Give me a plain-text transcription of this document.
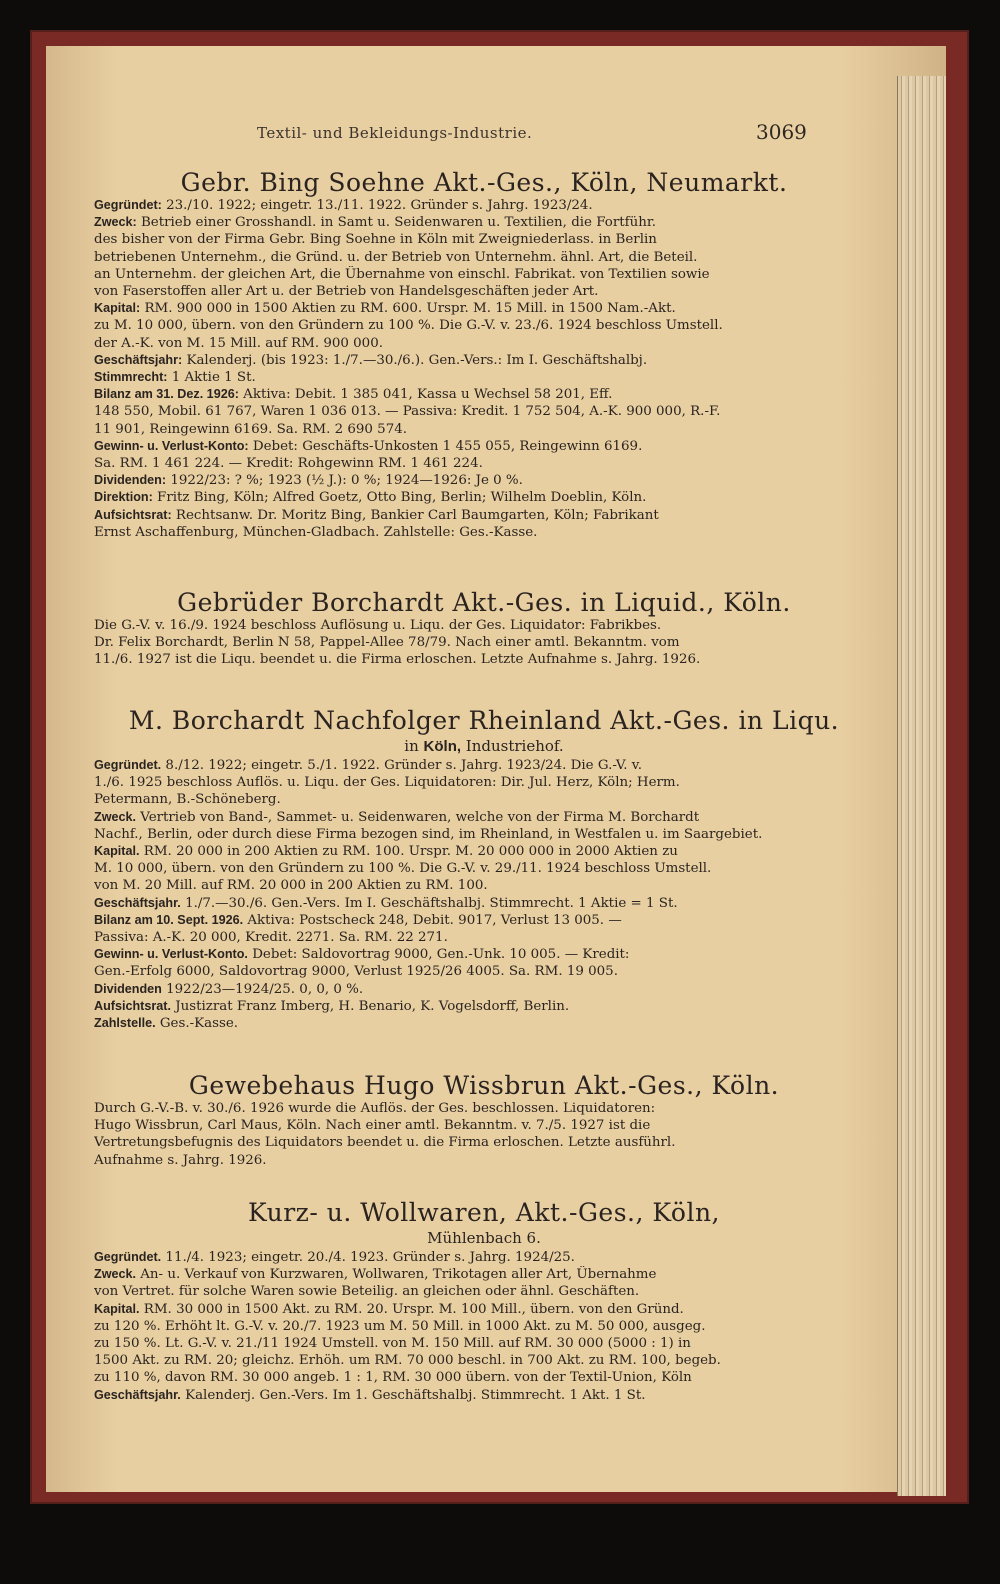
Textil- und Bekleidungs-Industrie.	3069
Gebr. Bing Soehne Akt.-Ges., Köln, Neumarkt.

Gegründet: 23./10. 1922; eingetr. 13./11. 1922. Gründer s. Jahrg. 1923/24.

Zweck: Betrieb einer Grosshandl. in Samt u. Seidenwaren u. Textilien, die Fortführ.

des bisher von der Firma Gebr. Bing Soehne in Köln mit Zweigniederlass. in Berlin

betriebenen Unternehm., die Gründ. u. der Betrieb von Unternehm. ähnl. Art, die Beteil.

an Unternehm. der gleichen Art, die Übernahme von einschl. Fabrikat. von Textilien sowie

von Faserstoffen aller Art u. der Betrieb von Handelsgeschäften jeder Art.

Kapital: RM. 900 000 in 1500 Aktien zu RM. 600. Urspr. M. 15 Mill. in 1500 Nam.-Akt.

zu M. 10 000, übern. von den Gründern zu 100 %. Die G.-V. v. 23./6. 1924 beschloss Umstell.

der A.-K. von M. 15 Mill. auf RM. 900 000.

Geschäftsjahr: Kalenderj. (bis 1923: 1./7.—30./6.). Gen.-Vers.: Im I. Geschäftshalbj.

Stimmrecht: 1 Aktie 1 St.

Bilanz am 31. Dez. 1926: Aktiva: Debit. 1 385 041, Kassa u Wechsel 58 201, Eff.

148 550, Mobil. 61 767, Waren 1 036 013. — Passiva: Kredit. 1 752 504, A.-K. 900 000, R.-F.

11 901, Reingewinn 6169. Sa. RM. 2 690 574.

Gewinn- u. Verlust-Konto: Debet: Geschäfts-Unkosten 1 455 055, Reingewinn 6169.

Sa. RM. 1 461 224. — Kredit: Rohgewinn RM. 1 461 224.

Dividenden: 1922/23: ? %; 1923 (½ J.): 0 %; 1924—1926: Je 0 %.

Direktion: Fritz Bing, Köln; Alfred Goetz, Otto Bing, Berlin; Wilhelm Doeblin, Köln.

Aufsichtsrat: Rechtsanw. Dr. Moritz Bing, Bankier Carl Baumgarten, Köln; Fabrikant

Ernst Aschaffenburg, München-Gladbach. Zahlstelle: Ges.-Kasse.

Gebrüder Borchardt Akt.-Ges. in Liquid., Köln.

Die G.-V. v. 16./9. 1924 beschloss Auflösung u. Liqu. der Ges. Liquidator: Fabrikbes.

Dr. Felix Borchardt, Berlin N 58, Pappel-Allee 78/79. Nach einer amtl. Bekanntm. vom

11./6. 1927 ist die Liqu. beendet u. die Firma erloschen. Letzte Aufnahme s. Jahrg. 1926.

M. Borchardt Nachfolger Rheinland Akt.-Ges. in Liqu.
in Köln, Industriehof.

Gegründet. 8./12. 1922; eingetr. 5./1. 1922. Gründer s. Jahrg. 1923/24. Die G.-V. v.

1./6. 1925 beschloss Auflös. u. Liqu. der Ges. Liquidatoren: Dir. Jul. Herz, Köln; Herm.

Petermann, B.-Schöneberg.

Zweck. Vertrieb von Band-, Sammet- u. Seidenwaren, welche von der Firma M. Borchardt

Nachf., Berlin, oder durch diese Firma bezogen sind, im Rheinland, in Westfalen u. im Saargebiet.

Kapital. RM. 20 000 in 200 Aktien zu RM. 100. Urspr. M. 20 000 000 in 2000 Aktien zu

M. 10 000, übern. von den Gründern zu 100 %. Die G.-V. v. 29./11. 1924 beschloss Umstell.

von M. 20 Mill. auf RM. 20 000 in 200 Aktien zu RM. 100.

Geschäftsjahr. 1./7.—30./6. Gen.-Vers. Im I. Geschäftshalbj. Stimmrecht. 1 Aktie = 1 St.

Bilanz am 10. Sept. 1926. Aktiva: Postscheck 248, Debit. 9017, Verlust 13 005. —

Passiva: A.-K. 20 000, Kredit. 2271. Sa. RM. 22 271.

Gewinn- u. Verlust-Konto. Debet: Saldovortrag 9000, Gen.-Unk. 10 005. — Kredit:

Gen.-Erfolg 6000, Saldovortrag 9000, Verlust 1925/26 4005. Sa. RM. 19 005.

Dividenden 1922/23—1924/25. 0, 0, 0 %.

Aufsichtsrat. Justizrat Franz Imberg, H. Benario, K. Vogelsdorff, Berlin.

Zahlstelle. Ges.-Kasse.

Gewebehaus Hugo Wissbrun Akt.-Ges., Köln.

Durch G.-V.-B. v. 30./6. 1926 wurde die Auflös. der Ges. beschlossen. Liquidatoren:

Hugo Wissbrun, Carl Maus, Köln. Nach einer amtl. Bekanntm. v. 7./5. 1927 ist die

Vertretungsbefugnis des Liquidators beendet u. die Firma erloschen. Letzte ausführl.

Aufnahme s. Jahrg. 1926.

Kurz- u. Wollwaren, Akt.-Ges., Köln,
Mühlenbach 6.

Gegründet. 11./4. 1923; eingetr. 20./4. 1923. Gründer s. Jahrg. 1924/25.

Zweck. An- u. Verkauf von Kurzwaren, Wollwaren, Trikotagen aller Art, Übernahme

von Vertret. für solche Waren sowie Beteilig. an gleichen oder ähnl. Geschäften.

Kapital. RM. 30 000 in 1500 Akt. zu RM. 20. Urspr. M. 100 Mill., übern. von den Gründ.

zu 120 %. Erhöht lt. G.-V. v. 20./7. 1923 um M. 50 Mill. in 1000 Akt. zu M. 50 000, ausgeg.

zu 150 %. Lt. G.-V. v. 21./11 1924 Umstell. von M. 150 Mill. auf RM. 30 000 (5000 : 1) in

1500 Akt. zu RM. 20; gleichz. Erhöh. um RM. 70 000 beschl. in 700 Akt. zu RM. 100, begeb.

zu 110 %, davon RM. 30 000 angeb. 1 : 1, RM. 30 000 übern. von der Textil-Union, Köln

Geschäftsjahr. Kalenderj. Gen.-Vers. Im 1. Geschäftshalbj. Stimmrecht. 1 Akt. 1 St.
